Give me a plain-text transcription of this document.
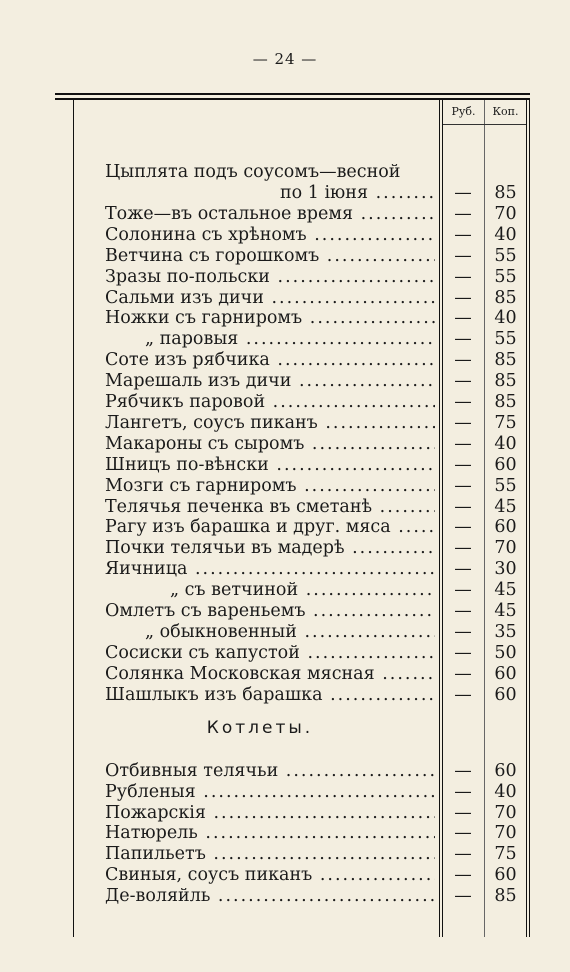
— 24 —
Руб.	Коп.
Цыплята подъ соусомъ—весной
по 1 іюня .....	—	85
Тоже—въ остальное время .....	—	70
Солонина съ хрѣномъ .....	—	40
Ветчина съ горошкомъ .....	—	55
Зразы по-польски .....	—	55
Сальми изъ дичи .....	—	85
Ножки съ гарниромъ .....	—	40
„ паровыя .....	—	55
Соте изъ рябчика .....	—	85
Марешаль изъ дичи .....	—	85
Рябчикъ паровой .....	—	85
Лангетъ, соусъ пиканъ .....	—	75
Макароны съ сыромъ .....	—	40
Шницъ по-вѣнски .....	—	60
Мозги съ гарниромъ .....	—	55
Телячья печенка въ сметанѣ .....	—	45
Рагу изъ барашка и друг. мяса .....	—	60
Почки телячьи въ мадерѣ .....	—	70
Яичница .....	—	30
„ съ ветчиной .....	—	45
Омлетъ съ вареньемъ .....	—	45
„ обыкновенный .....	—	35
Сосиски съ капустой .....	—	50
Солянка Московская мясная .....	—	60
Шашлыкъ изъ барашка .....	—	60
Котлеты.
Отбивныя телячьи .....	—	60
Рубленыя .....	—	40
Пожарскія .....	—	70
Натюрель .....	—	70
Папильетъ .....	—	75
Свиныя, соусъ пиканъ .....	—	60
Де-воляйль .....	—	85
